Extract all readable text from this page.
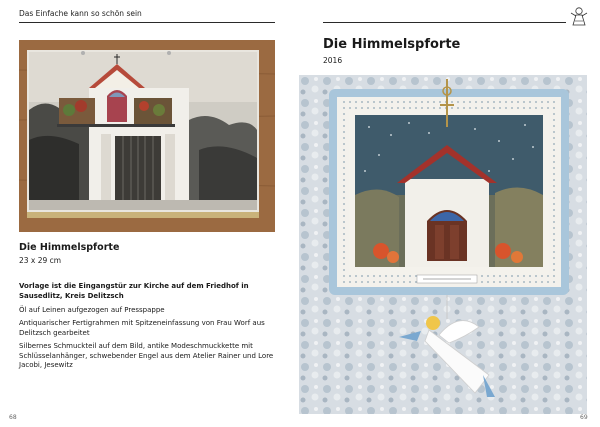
Das Einfache kann so schön sein
Die Himmelspforte
23 x 29 cm
Vorlage ist die Eingangstür zur Kirche auf dem Friedhof in Sausedlitz, Kreis Delitzsch
Öl auf Leinen aufgezogen auf Presspappe
Antiquarischer Fertigrahmen mit Spitzeneinfassung von Frau Worf aus Delitzsch gearbeitet
Silbernes Schmuckteil auf dem Bild, antike Modeschmuckkette mit Schlüsselanhänger, schwebender Engel aus dem Atelier Rainer und Lore Jacobi, Jesewitz
Die Himmelspforte
2016
68	69
